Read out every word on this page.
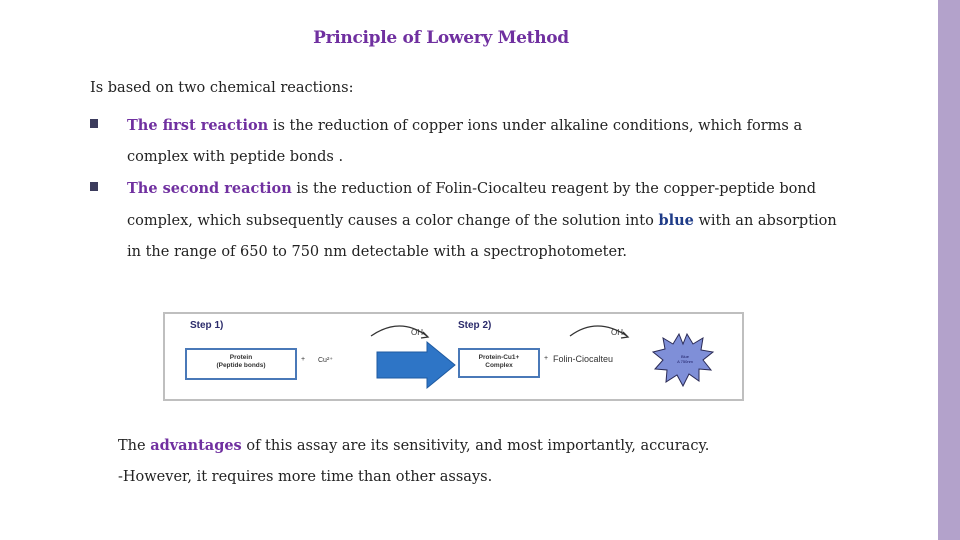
Principle of Lowery Method
Is based on two chemical reactions:
The first reaction is the reduction of copper ions under alkaline conditions, which forms a complex with peptide bonds .
The second reaction is the reduction of Folin-Ciocalteu reagent by the copper-peptide bond complex, which subsequently causes a color change of the solution into blue with an absorption in the range of 650 to 750 nm detectable with a spectrophotometer.
Step 1)	Step 2)
Protein
(Peptide bonds)
+ Cu²⁺
OH	OH
Protein-Cu1+
Complex
+ Folin-Ciocalteu	Blue
A 750nm
The advantages of this assay are its sensitivity, and most importantly, accuracy.
-However, it requires more time than other assays.
